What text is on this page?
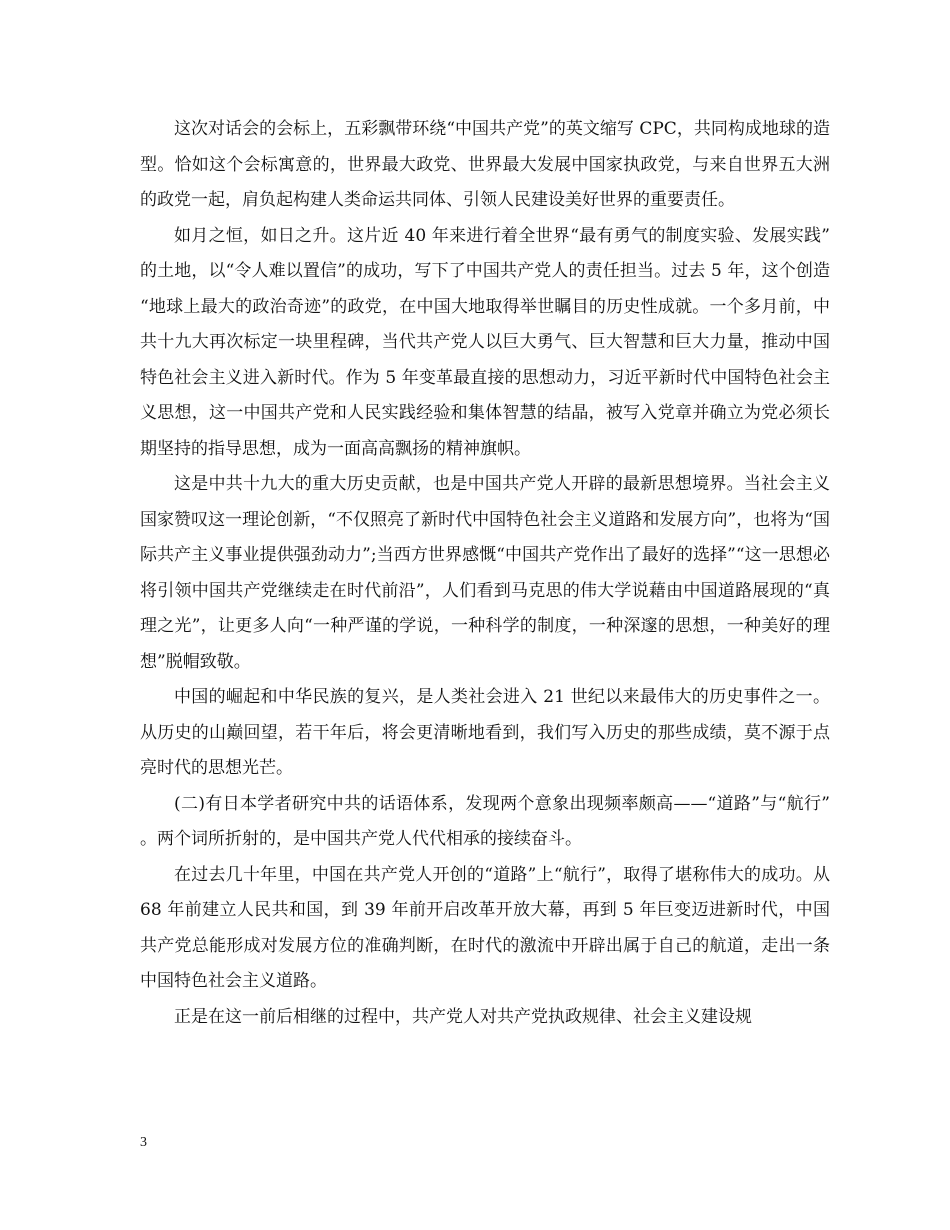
这次对话会的会标上，五彩飘带环绕“中国共产党”的英文缩写 CPC，共同构成地球的造型。恰如这个会标寓意的，世界最大政党、世界最大发展中国家执政党，与来自世界五大洲的政党一起，肩负起构建人类命运共同体、引领人民建设美好世界的重要责任。

如月之恒，如日之升。这片近 40 年来进行着全世界“最有勇气的制度实验、发展实践”的土地，以“令人难以置信”的成功，写下了中国共产党人的责任担当。过去 5 年，这个创造“地球上最大的政治奇迹”的政党，在中国大地取得举世瞩目的历史性成就。一个多月前，中共十九大再次标定一块里程碑，当代共产党人以巨大勇气、巨大智慧和巨大力量，推动中国特色社会主义进入新时代。作为 5 年变革最直接的思想动力，习近平新时代中国特色社会主义思想，这一中国共产党和人民实践经验和集体智慧的结晶，被写入党章并确立为党必须长期坚持的指导思想，成为一面高高飘扬的精神旗帜。

这是中共十九大的重大历史贡献，也是中国共产党人开辟的最新思想境界。当社会主义国家赞叹这一理论创新，“不仅照亮了新时代中国特色社会主义道路和发展方向”，也将为“国际共产主义事业提供强劲动力”;当西方世界感慨“中国共产党作出了最好的选择”“这一思想必将引领中国共产党继续走在时代前沿”，人们看到马克思的伟大学说藉由中国道路展现的“真理之光”，让更多人向“一种严谨的学说，一种科学的制度，一种深邃的思想，一种美好的理想”脱帽致敬。

中国的崛起和中华民族的复兴，是人类社会进入 21 世纪以来最伟大的历史事件之一。从历史的山巅回望，若干年后，将会更清晰地看到，我们写入历史的那些成绩，莫不源于点亮时代的思想光芒。

(二)有日本学者研究中共的话语体系，发现两个意象出现频率颇高——“道路”与“航行”。两个词所折射的，是中国共产党人代代相承的接续奋斗。

在过去几十年里，中国在共产党人开创的“道路”上“航行”，取得了堪称伟大的成功。从 68 年前建立人民共和国，到 39 年前开启改革开放大幕，再到 5 年巨变迈进新时代，中国共产党总能形成对发展方位的准确判断，在时代的激流中开辟出属于自己的航道，走出一条中国特色社会主义道路。

正是在这一前后相继的过程中，共产党人对共产党执政规律、社会主义建设规

3
